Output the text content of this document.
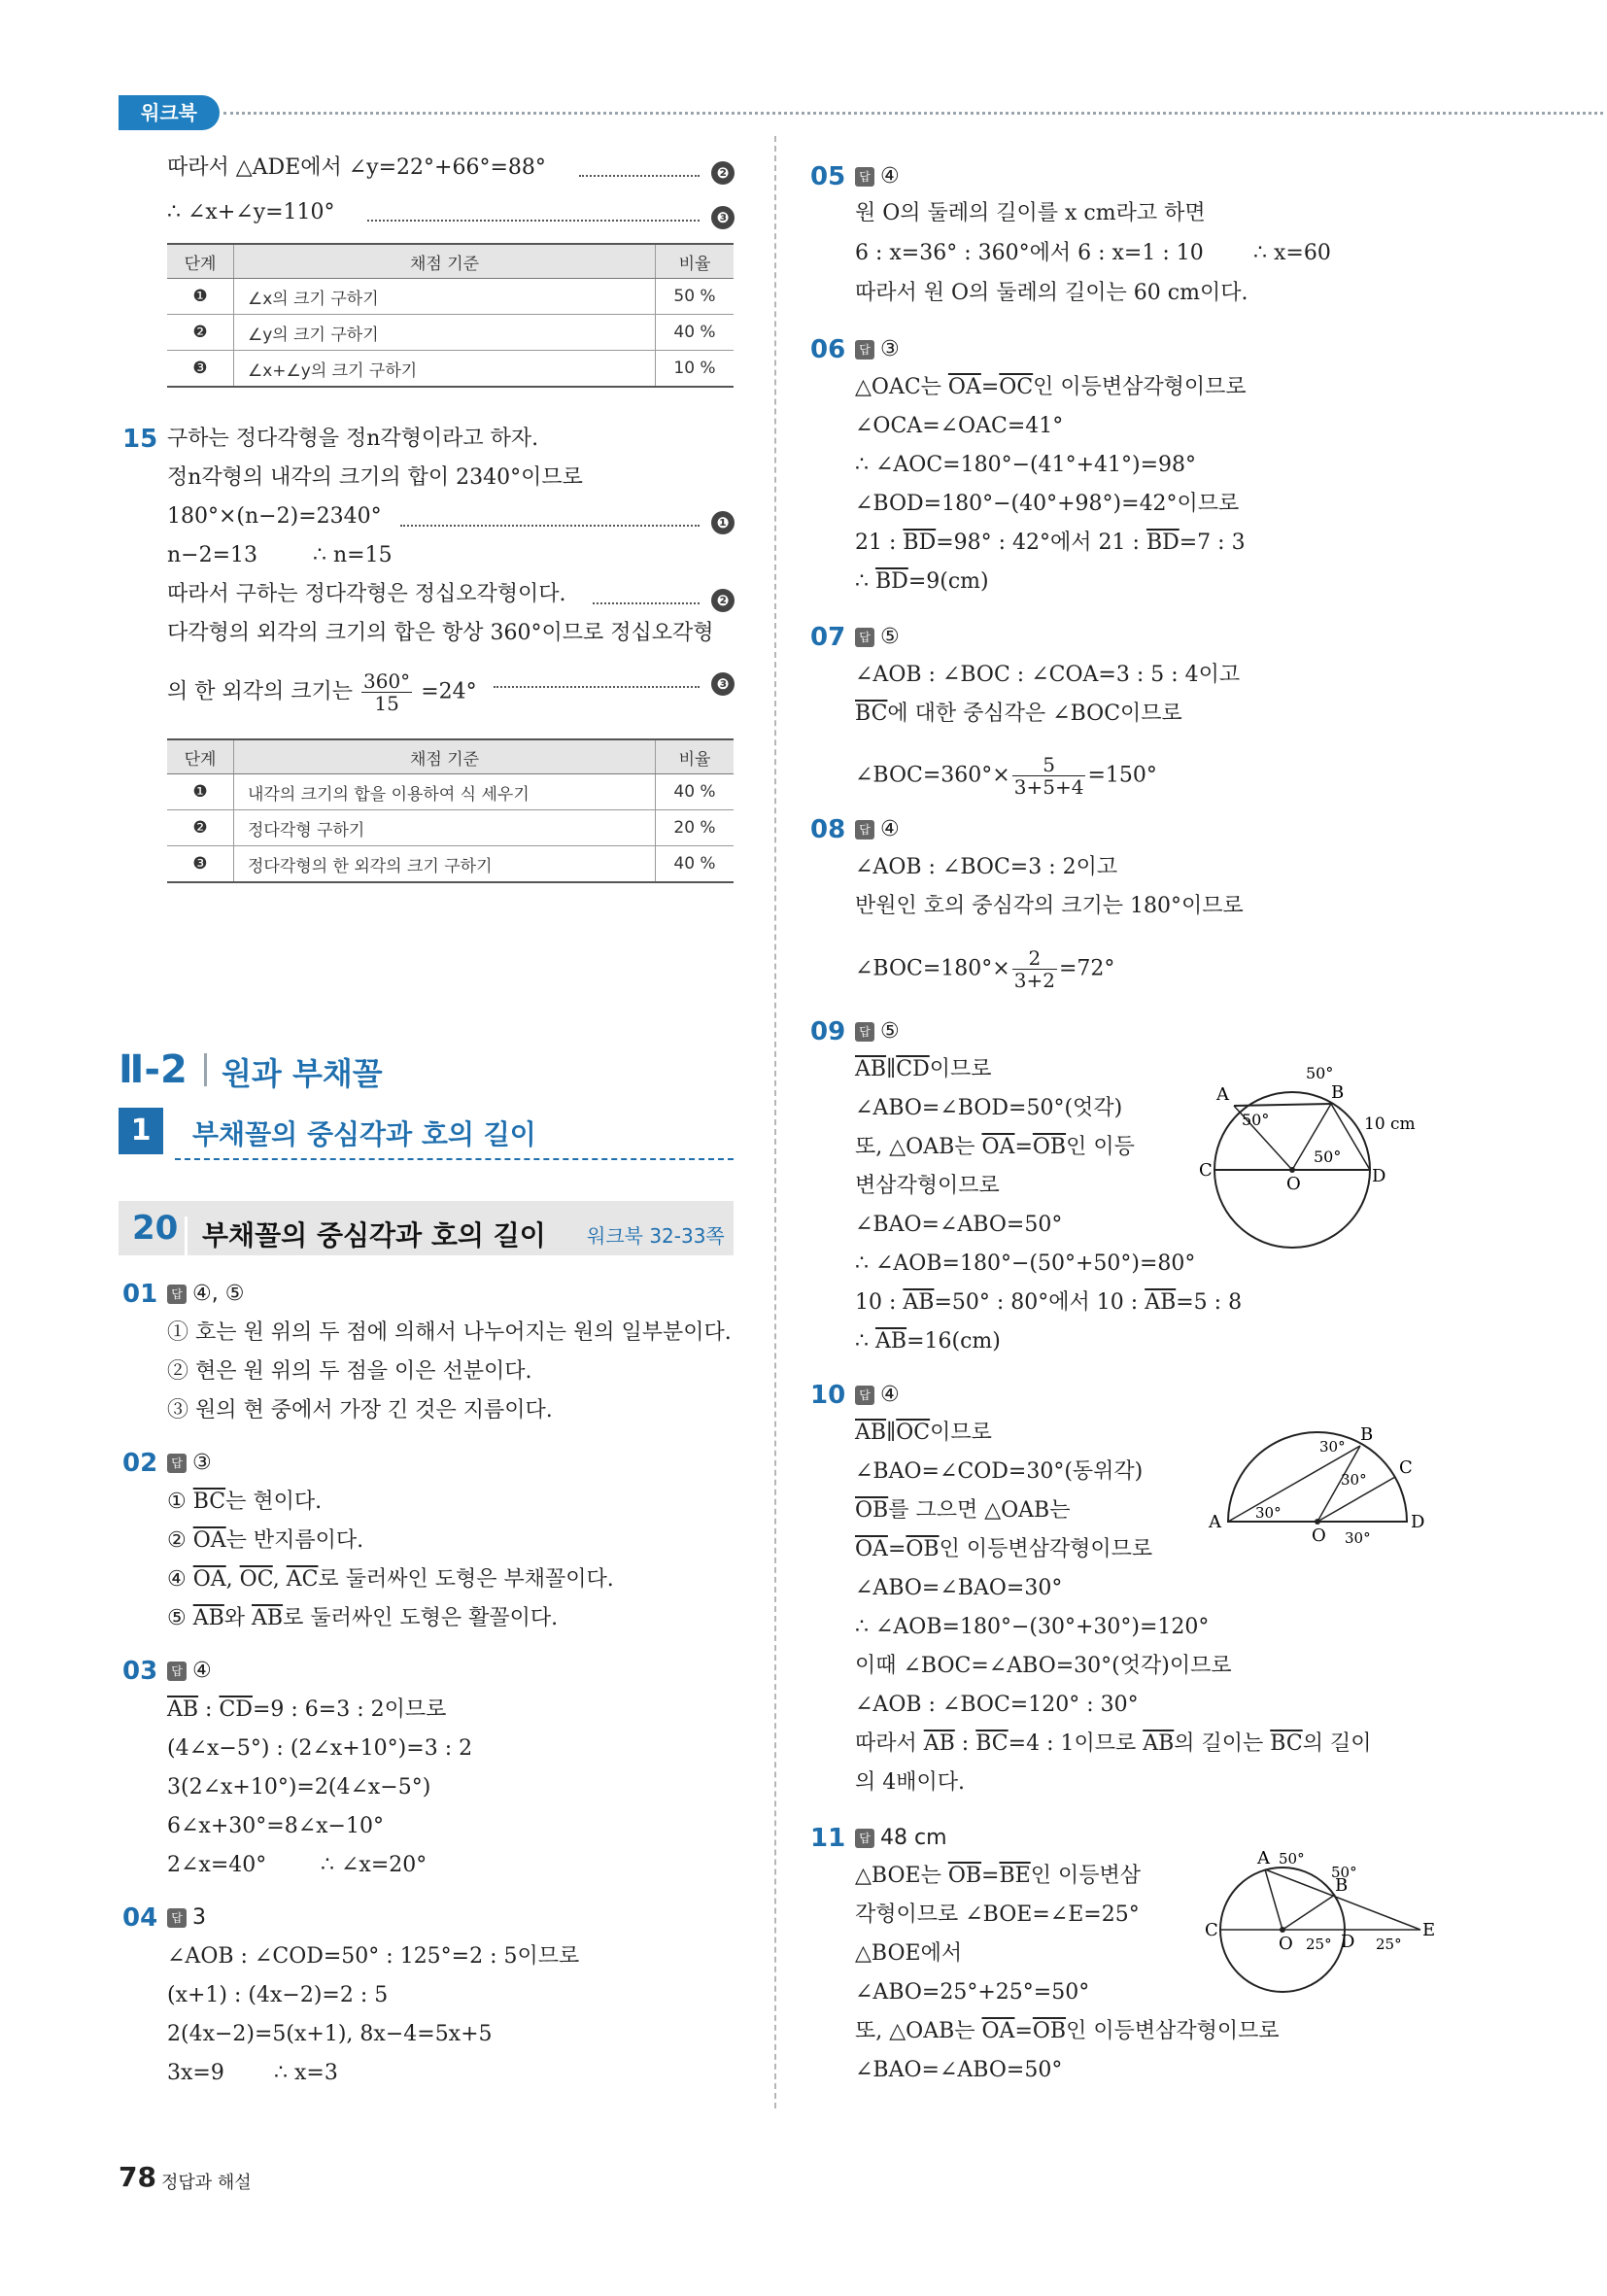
워크북
따라서 △ADE에서 ∠y=22°+66°=88°	❷
∴ ∠x+∠y=110°	❸
단계	채점 기준	비율
❶	∠x의 크기 구하기	50 %
❷	∠y의 크기 구하기	40 %
❸	∠x+∠y의 크기 구하기	10 %
15 구하는 정다각형을 정n각형이라고 하자.
정n각형의 내각의 크기의 합이 2340°이므로
180°×(n−2)=2340°	❶
n−2=13	∴ n=15
따라서 구하는 정다각형은 정십오각형이다.	❷
다각형의 외각의 크기의 합은 항상 360°이므로 정십오각형
의 한 외각의 크기는 $\frac{360^\circ}{15} =24^\circ$	❸
단계	채점 기준	비율
❶	내각의 크기의 합을 이용하여 식 세우기	40 %
❷	정다각형 구하기	20 %
❸	정다각형의 한 외각의 크기 구하기	40 %
Ⅱ-2 원과 부채꼴
1	부채꼴의 중심각과 호의 길이
20 부채꼴의 중심각과 호의 길이 워크북 32-33쪽
01	답 ④, ⑤
① 호는 원 위의 두 점에 의해서 나누어지는 원의 일부분이다.
② 현은 원 위의 두 점을 이은 선분이다.
③ 원의 현 중에서 가장 긴 것은 지름이다.
02	답 ③
① $\overline{BC}$는 현이다.
② $\overline{OA}$는 반지름이다.
④ $\overline{OA}$, $\overline{OC}$, $\overline{AC}$로 둘러싸인 도형은 부채꼴이다.
⑤ $\overline{AB}$와 $\overline{AB}$로 둘러싸인 도형은 활꼴이다.
03	답 ④
$\overline{AB}$ : $\overline{CD}=9$ : 6=3 : 2이므로
(4∠x−5°) : (2∠x+10°)=3 : 2
3(2∠x+10°)=2(4∠x−5°)
6∠x+30°=8∠x−10°
2∠x=40°	∴ ∠x=20°
04	답 3
∠AOB : ∠COD=50° : 125°=2 : 5이므로
(x+1) : (4x−2)=2 : 5
2(4x−2)=5(x+1), 8x−4=5x+5
3x=9 ∴ x=3
05	답 ④
원 O의 둘레의 길이를 x cm라고 하면
6 : x=36° : 360°에서 6 : x=1 : 10 ∴ x=60
따라서 원 O의 둘레의 길이는 60 cm이다.
06	답 ③
△OAC는 $\overline{OA}=\overline{OC}$인 이등변삼각형이므로
∠OCA=∠OAC=41°
∴ ∠AOC=180°−(41°+41°)=98°
∠BOD=180°−(40°+98°)=42°이므로
21 : $\overline{BD}=98^\circ$ : 42°에서 21 : $\overline{BD}=7$ : 3
∴ $\overline{BD}=9(cm)$
07	답 ⑤
∠AOB : ∠BOC : ∠COA=3 : 5 : 4이고
$\overline{BC}$에 대한 중심각은 ∠BOC이므로
∠BOC=360°× $\frac{5}{3+5+4} =150^\circ$
08	답 ④
∠AOB : ∠BOC=3 : 2이고
반원인 호의 중심각의 크기는 180°이므로
∠BOC=180°× $\frac{2}{3+2} =72^\circ$
09	답 ⑤
$\overline{AB}\parallel\overline{CD}$이므로
∠ABO=∠BOD=50°(엇각)
또, △OAB는 $\overline{OA}=\overline{OB}$인 이등
변삼각형이므로
∠BAO=∠ABO=50°
∴ ∠AOB=180°−(50°+50°)=80°
10 : $\overline{AB}=50^\circ$ : 80°에서 10 : $\overline{AB}=5$ : 8
∴ $\overline{AB}=16(cm)$
A	B
C	D
O
50°
50°
50°
10 cm
10	답 ④
$\overline{AB}\parallel\overline{OC}$이므로
∠BAO=∠COD=30°(동위각)
$\overline{OB}$를 그으면 △OAB는
$\overline{OA}=\overline{OB}$인 이등변삼각형이므로
∠ABO=∠BAO=30°
∴ ∠AOB=180°−(30°+30°)=120°
이때 ∠BOC=∠ABO=30°(엇각)이므로
∠AOB : ∠BOC=120° : 30°
따라서 $\overline{AB}$ : $\overline{BC}=4$ : 1이므로 $\overline{AB}$의 길이는 $\overline{BC}$의 길이
의 4배이다.
A
B
C
D
O
30°
30°
30°
30°
11	답 48 cm
△BOE는 $\overline{OB}=\overline{BE}$인 이등변삼
각형이므로 ∠BOE=∠E=25°
△BOE에서
∠ABO=25°+25°=50°
또, △OAB는 $\overline{OA}=\overline{OB}$인 이등변삼각형이므로
∠BAO=∠ABO=50°
A
B
C
D
E
O
50°
50°
25°	25°
78 정답과 해설
